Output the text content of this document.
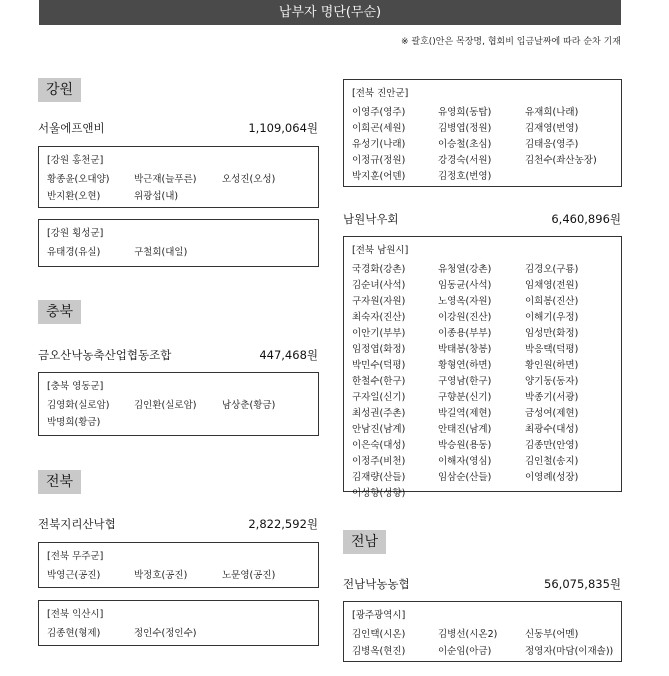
납부자 명단(무순)
※ 괄호()안은 목장명, 협회비 입금날짜에 따라 순차 기재
강원
서울에프앤비	1,109,064원
[강원 홍천군]
황종윤(오대양)	박근재(늘푸른)	오성진(오성)
반지환(오현)	위광섭(내)
[강원 횡성군]
유태경(유실)	구철회(대일)
충북
금오산낙농축산업협동조합	447,468원
[충북 영동군]
김영화(실로암)	김인환(실로암)	남상춘(황금)
박명희(황금)
전북
전북지리산낙협	2,822,592원
[전북 무주군]
박영근(공진)	박정호(공진)	노문영(공진)
[전북 익산시]
김종현(형제)	정인수(정인수)
[전북 진안군]
이영주(영주)	유영희(동탑)	유재희(나래)
이희곤(세원)	김병엽(정원)	김재영(번영)
유성기(나래)	이승철(초심)	김태응(영주)
이정규(정원)	강경숙(서원)	김천수(좌산농장)
박지훈(어덴)	김정호(번영)
남원낙우회	6,460,896원
[전북 남원시]
국경화(강촌)	유청열(강촌)	김경오(구룡)
김순녀(사석)	임동균(사석)	임채영(전원)
구자원(자원)	노영옥(자원)	이희봉(진산)
최숙자(진산)	이강원(진산)	이해기(우정)
이안기(부부)	이종용(부부)	임성만(화정)
임정엽(화정)	박태봉(창봉)	박응택(덕평)
박민수(덕평)	황형연(하면)	황인원(하면)
한철수(한구)	구영남(한구)	양기동(동자)
구자일(신기)	구향분(신기)	박종기(서광)
최성권(주촌)	박길역(제현)	금성여(제현)
안남진(남계)	안태진(남계)	최광수(대성)
이은숙(대성)	박승원(용동)	김종만(안영)
이정주(비천)	이해자(영심)	김인철(송지)
김재량(산들)	임삼순(산들)	이영례(성장)
이성향(성향)
전남
전남낙농농협	56,075,835원
[광주광역시]
김인택(시온)	김병선(시온2)	신동부(어멘)
김병옥(현진)	이순임(아금)	정영자(마담(이재솔))
